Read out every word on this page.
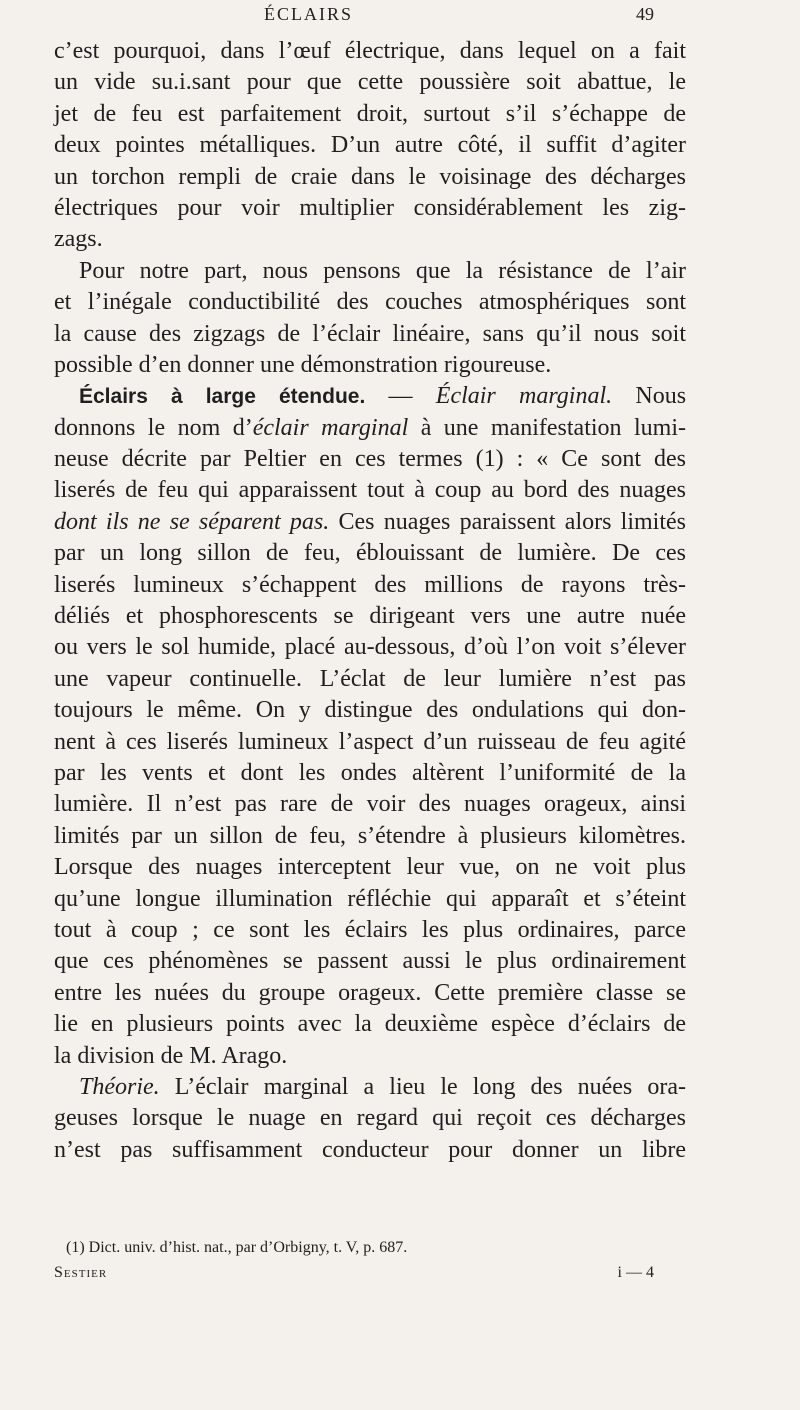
ÉCLAIRS	49
c’est pourquoi, dans l’œuf électrique, dans lequel on a fait
un vide su.i.sant pour que cette poussière soit abattue, le
jet de feu est parfaitement droit, surtout s’il s’échappe de
deux pointes métalliques. D’un autre côté, il suffit d’agiter
un torchon rempli de craie dans le voisinage des décharges
électriques pour voir multiplier considérablement les zig-
zags.
Pour notre part, nous pensons que la résistance de l’air
et l’inégale conductibilité des couches atmosphériques sont
la cause des zigzags de l’éclair linéaire, sans qu’il nous soit
possible d’en donner une démonstration rigoureuse.
Éclairs à large étendue. — Éclair marginal. Nous
donnons le nom d’éclair marginal à une manifestation lumi-
neuse décrite par Peltier en ces termes (1) : « Ce sont des
liserés de feu qui apparaissent tout à coup au bord des nuages
dont ils ne se séparent pas. Ces nuages paraissent alors limités
par un long sillon de feu, éblouissant de lumière. De ces
liserés lumineux s’échappent des millions de rayons très-
déliés et phosphorescents se dirigeant vers une autre nuée
ou vers le sol humide, placé au-dessous, d’où l’on voit s’élever
une vapeur continuelle. L’éclat de leur lumière n’est pas
toujours le même. On y distingue des ondulations qui don-
nent à ces liserés lumineux l’aspect d’un ruisseau de feu agité
par les vents et dont les ondes altèrent l’uniformité de la
lumière. Il n’est pas rare de voir des nuages orageux, ainsi
limités par un sillon de feu, s’étendre à plusieurs kilomètres.
Lorsque des nuages interceptent leur vue, on ne voit plus
qu’une longue illumination réfléchie qui apparaît et s’éteint
tout à coup ; ce sont les éclairs les plus ordinaires, parce
que ces phénomènes se passent aussi le plus ordinairement
entre les nuées du groupe orageux. Cette première classe se
lie en plusieurs points avec la deuxième espèce d’éclairs de
la division de M. Arago.
Théorie. L’éclair marginal a lieu le long des nuées ora-
geuses lorsque le nuage en regard qui reçoit ces décharges
n’est pas suffisamment conducteur pour donner un libre
(1) Dict. univ. d’hist. nat., par d’Orbigny, t. V, p. 687.
Sestier	i — 4
